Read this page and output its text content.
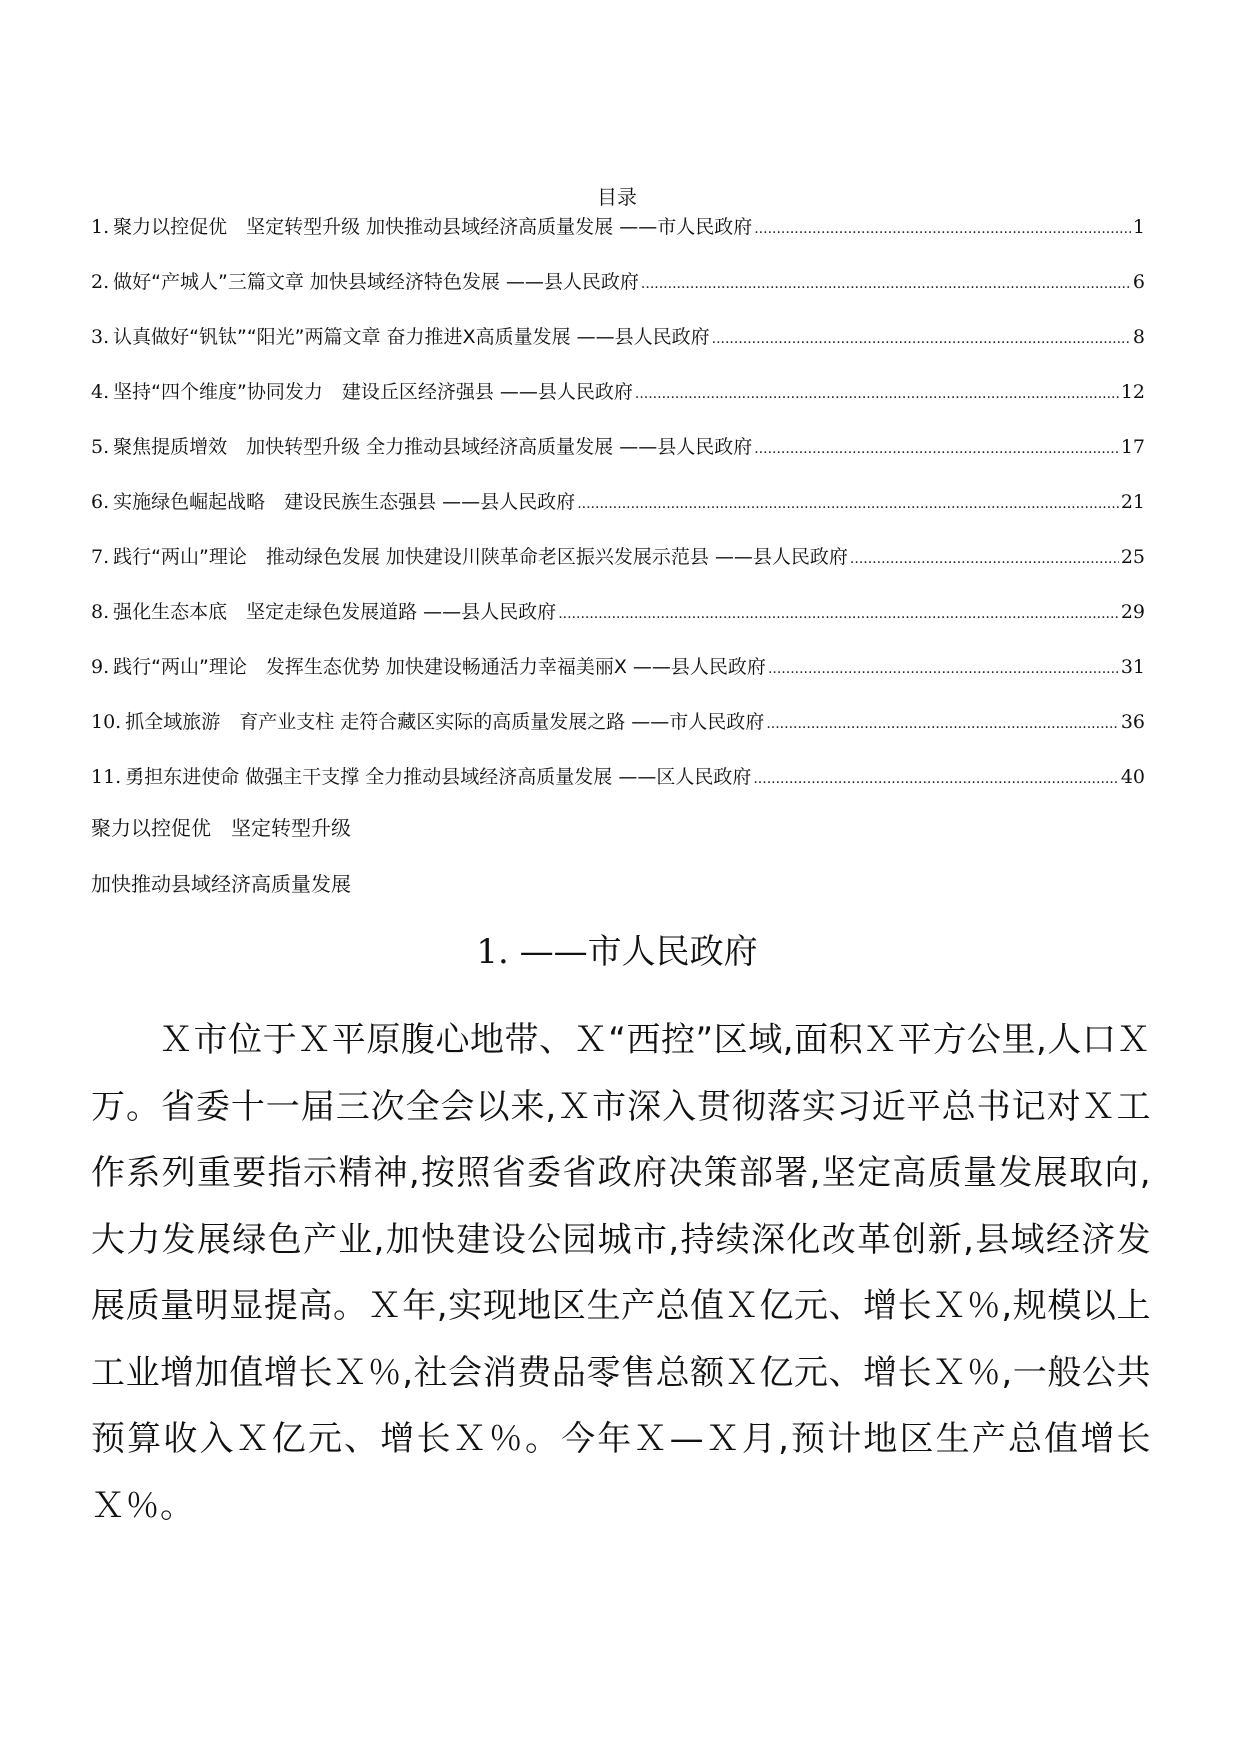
目录
1. 聚力以控促优　坚定转型升级 加快推动县域经济高质量发展 ——市人民政府 .....	1
2. 做好“产城人”三篇文章 加快县域经济特色发展 ——县人民政府 .....	6
3. 认真做好“钒钛”“阳光”两篇文章 奋力推进X高质量发展 ——县人民政府 .....	8
4. 坚持“四个维度”协同发力　建设丘区经济强县 ——县人民政府 .....	12
5. 聚焦提质增效　加快转型升级 全力推动县域经济高质量发展 ——县人民政府 .....	17
6. 实施绿色崛起战略　建设民族生态强县 ——县人民政府 .....	21
7. 践行“两山”理论　推动绿色发展 加快建设川陕革命老区振兴发展示范县 ——县人民政府 .....	25
8. 强化生态本底　坚定走绿色发展道路 ——县人民政府 .....	29
9. 践行“两山”理论　发挥生态优势 加快建设畅通活力幸福美丽X ——县人民政府 .....	31
10. 抓全域旅游　育产业支柱 走符合藏区实际的高质量发展之路 ——市人民政府 .....	36
11. 勇担东进使命 做强主干支撑 全力推动县域经济高质量发展 ——区人民政府 .....	40
聚力以控促优　坚定转型升级
加快推动县域经济高质量发展
1. ——市人民政府

Ｘ市位于Ｘ平原腹心地带、Ｘ“西控”区域,面积Ｘ平方公里,人口Ｘ万。省委十一届三次全会以来,Ｘ市深入贯彻落实习近平总书记对Ｘ工作系列重要指示精神,按照省委省政府决策部署,坚定高质量发展取向,大力发展绿色产业,加快建设公园城市,持续深化改革创新,县域经济发展质量明显提高。Ｘ年,实现地区生产总值Ｘ亿元、增长Ｘ％,规模以上工业增加值增长Ｘ％,社会消费品零售总额Ｘ亿元、增长Ｘ％,一般公共预算收入Ｘ亿元、增长Ｘ％。今年Ｘ—Ｘ月,预计地区生产总值增长Ｘ％。
